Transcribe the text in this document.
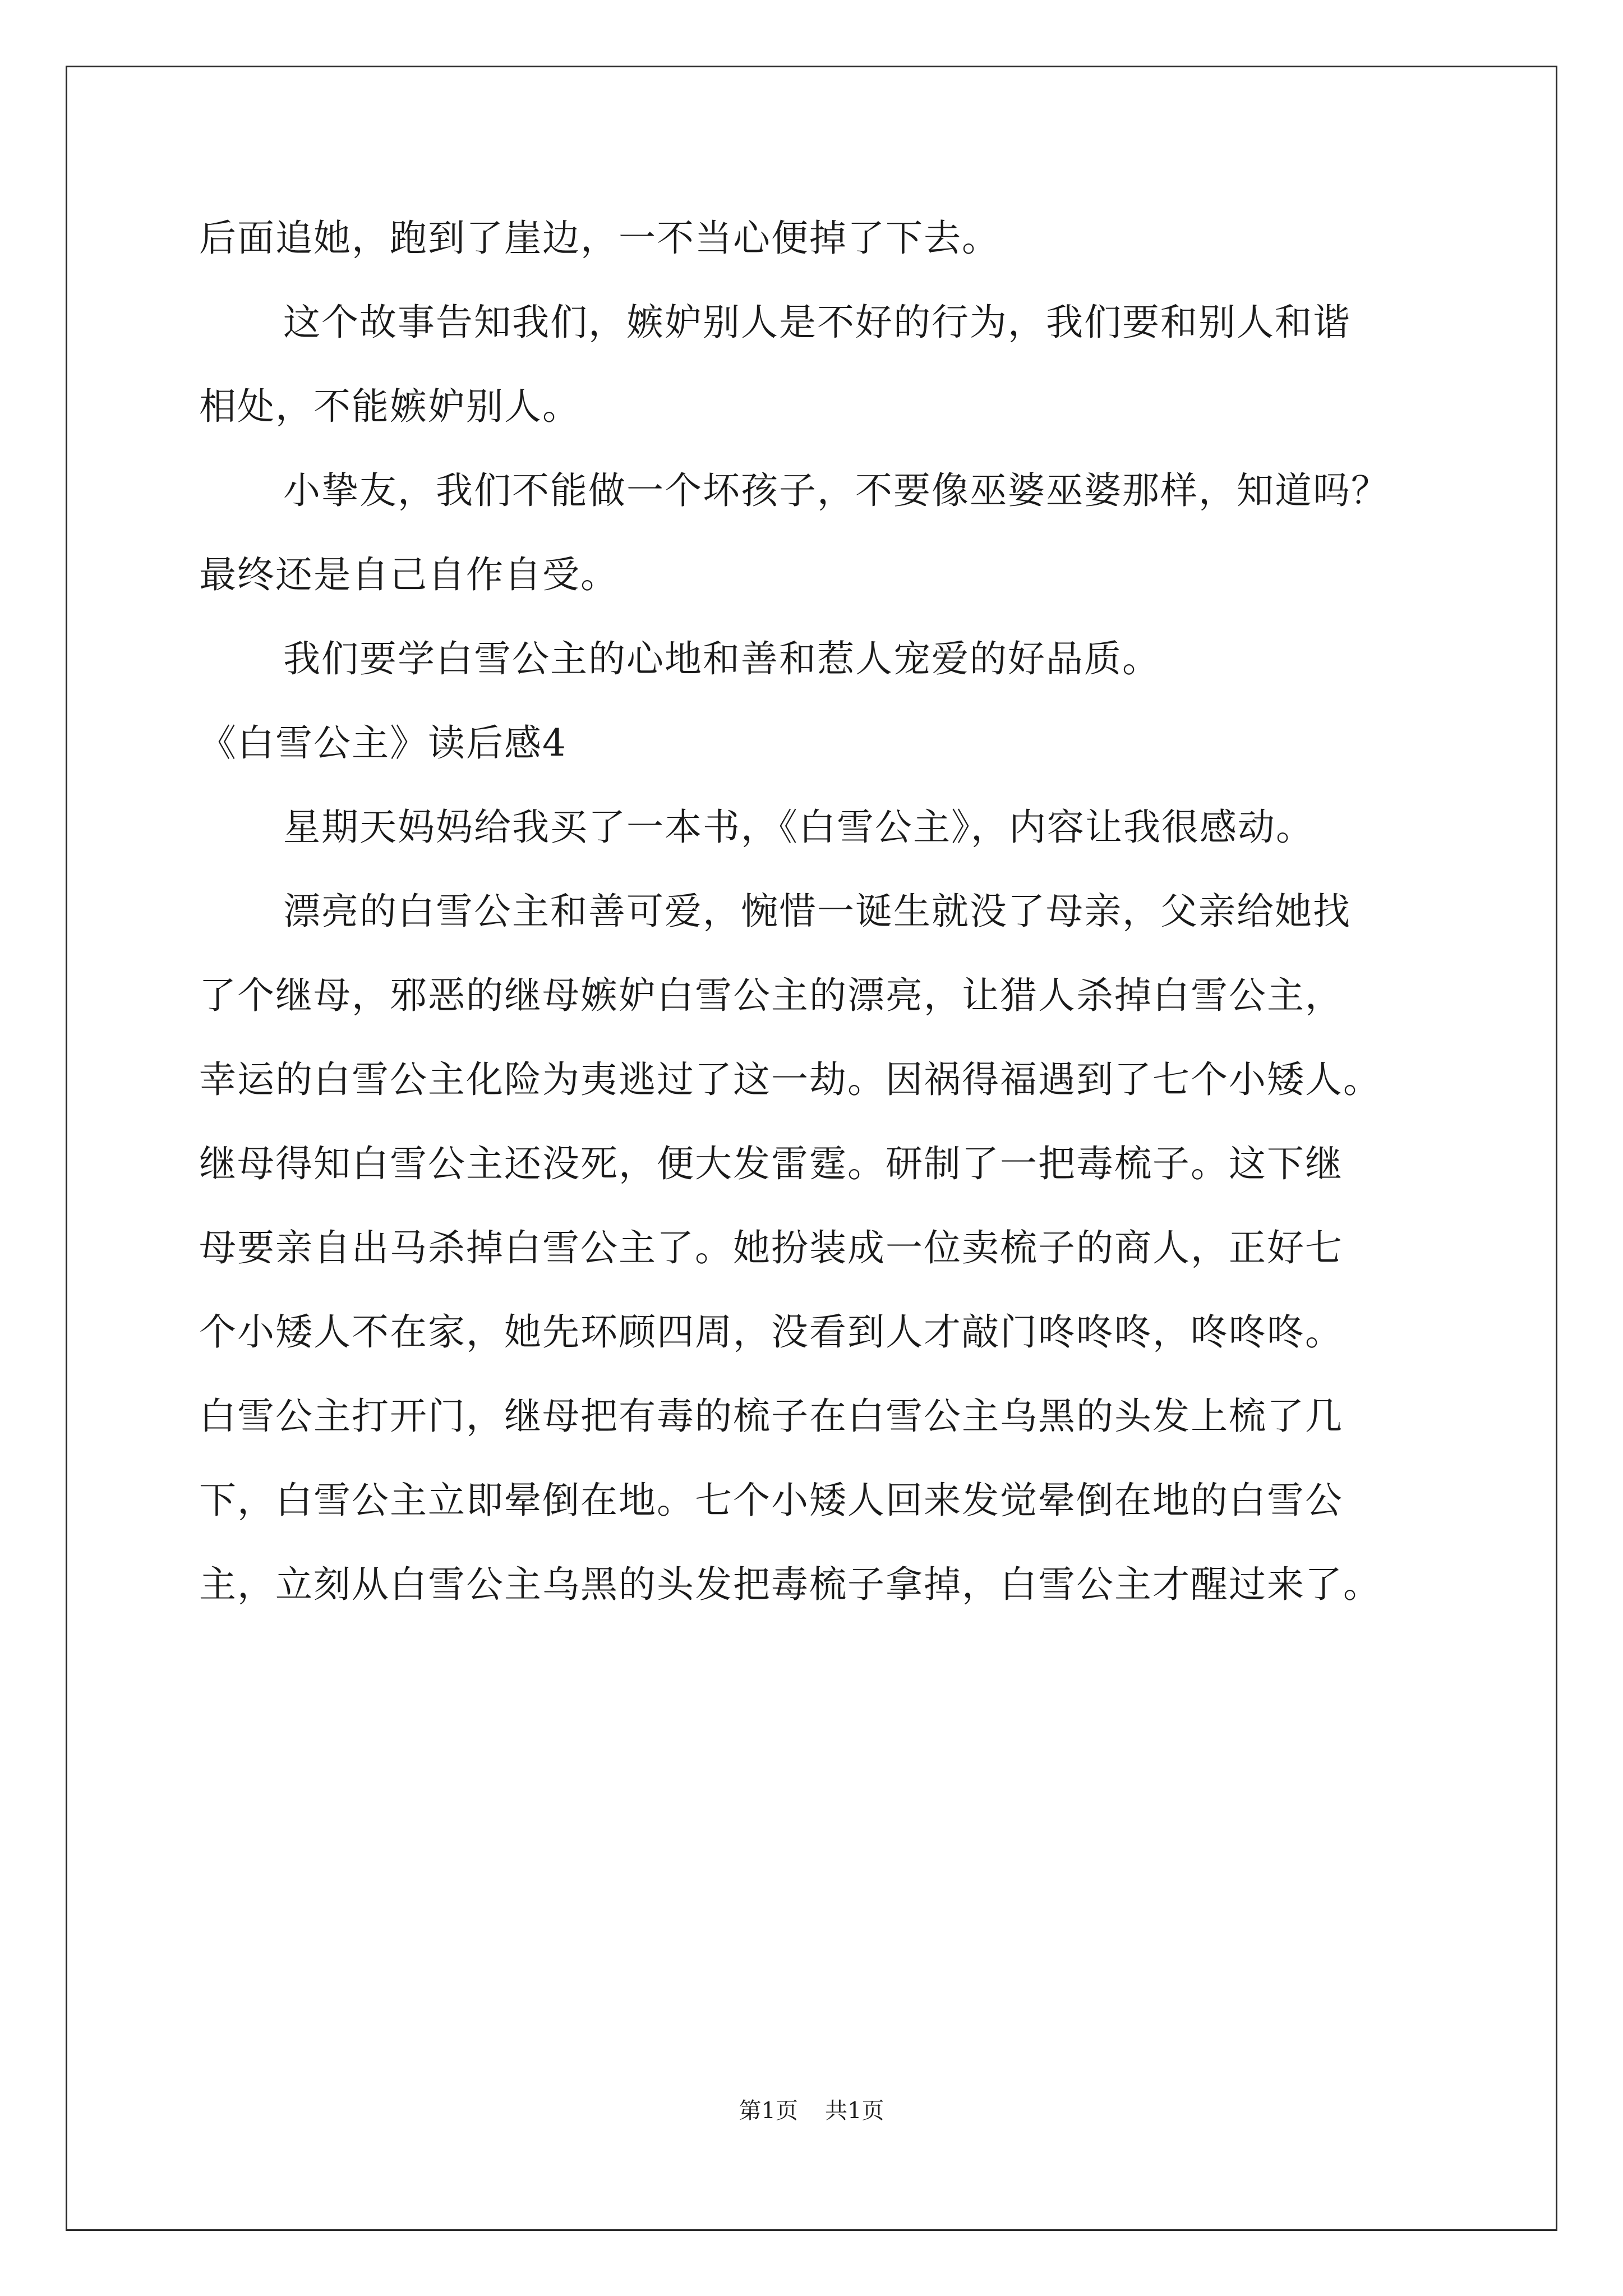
后面追她，跑到了崖边，一不当心便掉了下去。
这个故事告知我们，嫉妒别人是不好的行为，我们要和别人和谐
相处，不能嫉妒别人。
小挚友，我们不能做一个坏孩子，不要像巫婆巫婆那样，知道吗？
最终还是自己自作自受。
我们要学白雪公主的心地和善和惹人宠爱的好品质。
《白雪公主》读后感4
星期天妈妈给我买了一本书，《白雪公主》，内容让我很感动。
漂亮的白雪公主和善可爱，惋惜一诞生就没了母亲，父亲给她找
了个继母，邪恶的继母嫉妒白雪公主的漂亮，让猎人杀掉白雪公主，
幸运的白雪公主化险为夷逃过了这一劫。因祸得福遇到了七个小矮人。
继母得知白雪公主还没死，便大发雷霆。研制了一把毒梳子。这下继
母要亲自出马杀掉白雪公主了。她扮装成一位卖梳子的商人，正好七
个小矮人不在家，她先环顾四周，没看到人才敲门咚咚咚，咚咚咚。
白雪公主打开门，继母把有毒的梳子在白雪公主乌黑的头发上梳了几
下，白雪公主立即晕倒在地。七个小矮人回来发觉晕倒在地的白雪公
主，立刻从白雪公主乌黑的头发把毒梳子拿掉，白雪公主才醒过来了。
第1页 共1页
